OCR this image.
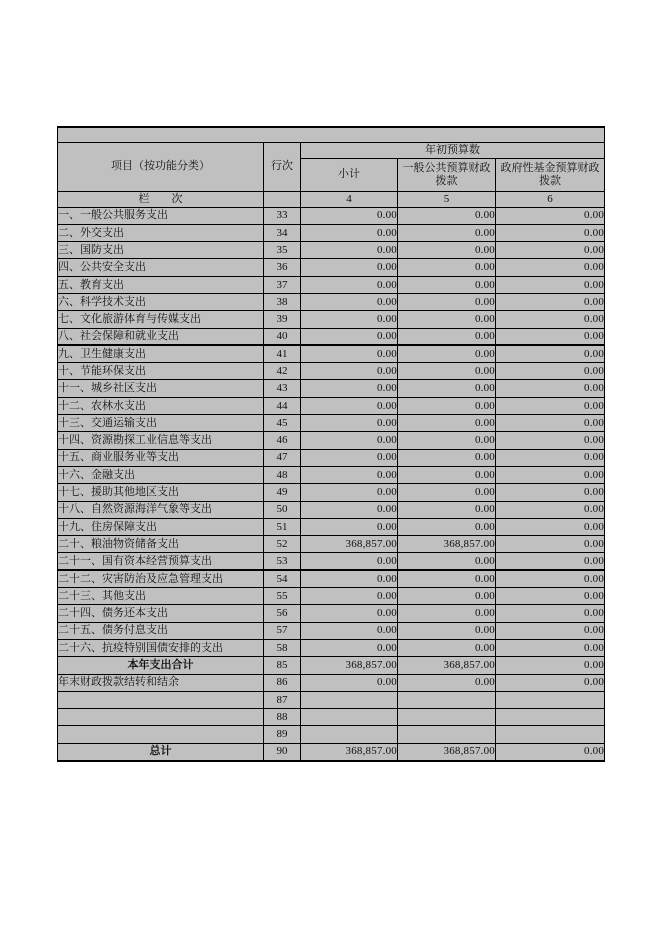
项目（按功能分类）	行次	年初预算数		
		小计	一般公共预算财政拨款	政府性基金预算财政拨款
栏　　次		4	5	6
一、一般公共服务支出	33	0.00	0.00	0.00
二、外交支出	34	0.00	0.00	0.00
三、国防支出	35	0.00	0.00	0.00
四、公共安全支出	36	0.00	0.00	0.00
五、教育支出	37	0.00	0.00	0.00
六、科学技术支出	38	0.00	0.00	0.00
七、文化旅游体育与传媒支出	39	0.00	0.00	0.00
八、社会保障和就业支出	40	0.00	0.00	0.00
九、卫生健康支出	41	0.00	0.00	0.00
十、节能环保支出	42	0.00	0.00	0.00
十一、城乡社区支出	43	0.00	0.00	0.00
十二、农林水支出	44	0.00	0.00	0.00
十三、交通运输支出	45	0.00	0.00	0.00
十四、资源勘探工业信息等支出	46	0.00	0.00	0.00
十五、商业服务业等支出	47	0.00	0.00	0.00
十六、金融支出	48	0.00	0.00	0.00
十七、援助其他地区支出	49	0.00	0.00	0.00
十八、自然资源海洋气象等支出	50	0.00	0.00	0.00
十九、住房保障支出	51	0.00	0.00	0.00
二十、粮油物资储备支出	52	368,857.00	368,857.00	0.00
二十一、国有资本经营预算支出	53	0.00	0.00	0.00
二十二、灾害防治及应急管理支出	54	0.00	0.00	0.00
二十三、其他支出	55	0.00	0.00	0.00
二十四、债务还本支出	56	0.00	0.00	0.00
二十五、债务付息支出	57	0.00	0.00	0.00
二十六、抗疫特别国债安排的支出	58	0.00	0.00	0.00
本年支出合计	85	368,857.00	368,857.00	0.00
年末财政拨款结转和结余	86	0.00	0.00	0.00
	87			
	88			
	89			
总计	90	368,857.00	368,857.00	0.00
